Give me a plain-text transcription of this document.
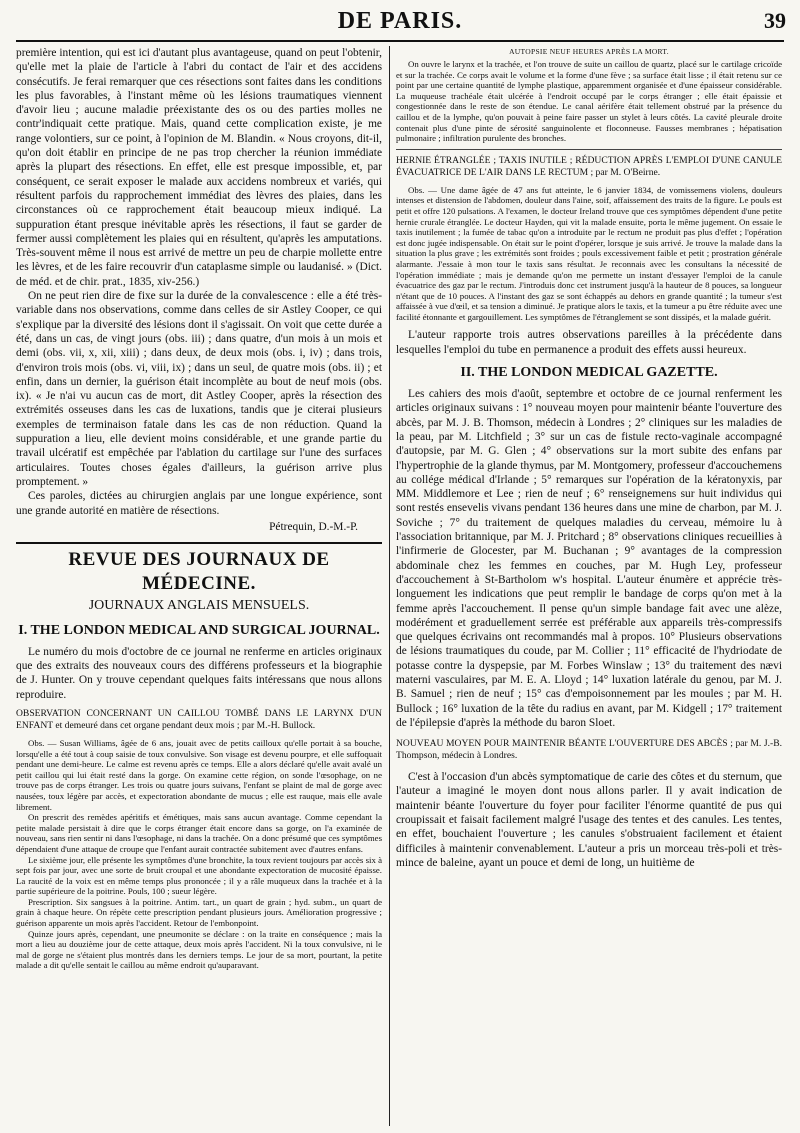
DE PARIS.	39

première intention, qui est ici d'autant plus avantageuse, quand on peut l'obtenir, qu'elle met la plaie de l'article à l'abri du contact de l'air et des accidens consécutifs. Je ferai remarquer que ces résections sont faites dans les conditions les plus favorables, à l'instant même où les lésions traumatiques viennent d'avoir lieu ; aucune maladie préexistante des os ou des parties molles ne contr'indiquait cette pratique. Mais, quand cette complication existe, je me range volontiers, sur ce point, à l'opinion de M. Blandin. « Nous croyons, dit-il, qu'on doit établir en principe de ne pas trop chercher la réunion immédiate après la plupart des résections. En effet, elle est presque impossible, et, par conséquent, ce serait exposer le malade aux accidens nombreux et variés, qui résultent parfois du rapprochement immédiat des lèvres des plaies, dans les circonstances où ce rapprochement était beaucoup mieux indiqué. La suppuration étant presque inévitable après les résections, il faut se garder de fermer aussi complètement les plaies qui en résultent, qu'après les amputations. Très-souvent même il nous est arrivé de mettre un peu de charpie mollette entre les lèvres, et de les faire recouvrir d'un cataplasme simple ou laudanisé. » (Dict. de méd. et de chir. prat., 1835, xiv-256.)

On ne peut rien dire de fixe sur la durée de la convalescence : elle a été très-variable dans nos observations, comme dans celles de sir Astley Cooper, ce qui s'explique par la diversité des lésions dont il s'agissait. On voit que cette durée a été, dans un cas, de vingt jours (obs. iii) ; dans quatre, d'un mois à un mois et demi (obs. vii, x, xii, xiii) ; dans deux, de deux mois (obs. i, iv) ; dans trois, d'environ trois mois (obs. vi, viii, ix) ; dans un seul, de quatre mois (obs. ii) ; et enfin, dans un dernier, la guérison était incomplète au bout de neuf mois (obs. ix). « Je n'ai vu aucun cas de mort, dit Astley Cooper, après la résection des extrémités osseuses dans les cas de luxations, tandis que je citerai plusieurs exemples de terminaison fatale dans les cas de non réduction. Quand la suppuration a lieu, elle devient moins considérable, et une grande partie du travail ulcératif est empêchée par l'ablation du cartilage sur l'une des surfaces articulaires. Toutes choses égales d'ailleurs, la guérison arrive plus promptement. »

Ces paroles, dictées au chirurgien anglais par une longue expérience, sont une grande autorité en matière de résections.

Pétrequin, D.-M.-P.
REVUE DES JOURNAUX DE MÉDECINE.
JOURNAUX ANGLAIS MENSUELS.
I. THE LONDON MEDICAL AND SURGICAL JOURNAL.

Le numéro du mois d'octobre de ce journal ne renferme en articles originaux que des extraits des nouveaux cours des différens professeurs et la biographie de J. Hunter. On y trouve cependant quelques faits intéressans que nous allons reproduire.

OBSERVATION CONCERNANT UN CAILLOU TOMBÉ DANS LE LARYNX D'UN ENFANT et demeuré dans cet organe pendant deux mois ; par M.-H. Bullock.

Obs. — Susan Williams, âgée de 6 ans, jouait avec de petits cailloux qu'elle portait à sa bouche, lorsqu'elle a été tout à coup saisie de toux convulsive. Son visage est devenu pourpre, et elle suffoquait pendant une demi-heure. Le calme est revenu après ce temps. Elle a alors déclaré qu'elle avait avalé un petit caillou qui lui était resté dans la gorge. On examine cette région, on sonde l'œsophage, on ne trouve pas de corps étranger. Les trois ou quatre jours suivans, l'enfant se plaint de mal de gorge avec nausées, toux légère par accès, et expectoration abondante de mucus ; elle est rauque, mais elle avale librement.

On prescrit des remèdes apéritifs et émétiques, mais sans aucun avantage. Comme cependant la petite malade persistait à dire que le corps étranger était encore dans sa gorge, on l'a examinée de nouveau, sans rien sentir ni dans l'œsophage, ni dans la trachée. On a donc présumé que ces symptômes dépendaient d'une attaque de croupe que l'enfant aurait contractée subitement avec d'autres enfans.

Le sixième jour, elle présente les symptômes d'une bronchite, la toux revient toujours par accès six à sept fois par jour, avec une sorte de bruit croupal et une abondante expectoration de mucosité épaisse. La raucité de la voix est en même temps plus prononcée ; il y a râle muqueux dans la trachée et à la partie supérieure de la poitrine. Pouls, 100 ; sueur légère.

Prescription. Six sangsues à la poitrine. Antim. tart., un quart de grain ; hyd. subm., un quart de grain à chaque heure. On répète cette prescription pendant plusieurs jours. Amélioration progressive ; guérison apparente un mois après l'accident. Retour de l'embonpoint.

Quinze jours après, cependant, une pneumonite se déclare : on la traite en conséquence ; mais la mort a lieu au douzième jour de cette attaque, deux mois après l'accident. Ni la toux convulsive, ni le mal de gorge ne s'étaient plus montrés dans les derniers temps. Le jour de sa mort, pourtant, la petite malade a dit qu'elle sentait le caillou au même endroit qu'auparavant.

AUTOPSIE NEUF HEURES APRÈS LA MORT.

On ouvre le larynx et la trachée, et l'on trouve de suite un caillou de quartz, placé sur le cartilage cricoïde et sur la trachée. Ce corps avait le volume et la forme d'une fève ; sa surface était lisse ; il était retenu sur ce point par une certaine quantité de lymphe plastique, apparemment organisée et d'une épaisseur considérable. La muqueuse trachéale était ulcérée à l'endroit occupé par le corps étranger ; elle était épaissie et congestionnée dans le reste de son étendue. Le canal aérifère était tellement obstrué par la présence du caillou et de la lymphe, qu'on pouvait à peine faire passer un stylet à leurs côtés. La cavité pleurale droite contenait plus d'une pinte de sérosité sanguinolente et floconneuse. Fausses membranes ; hépatisation pulmonaire ; infiltration purulente des bronches.

HERNIE ÉTRANGLÉE ; TAXIS INUTILE ; RÉDUCTION APRÈS L'EMPLOI D'UNE CANULE ÉVACUATRICE DE L'AIR DANS LE RECTUM ; par M. O'Beirne.

Obs. — Une dame âgée de 47 ans fut atteinte, le 6 janvier 1834, de vomissemens violens, douleurs intenses et distension de l'abdomen, douleur dans l'aine, soif, affaissement des traits de la figure. Le pouls est petit et offre 120 pulsations. A l'examen, le docteur Ireland trouve que ces symptômes dépendent d'une petite hernie crurale étranglée. Le docteur Hayden, qui vit la malade ensuite, porta le même jugement. On essaie le taxis inutilement ; la fumée de tabac qu'on a introduite par le rectum ne produit pas plus d'effet ; l'opération est donc jugée indispensable. On était sur le point d'opérer, lorsque je suis arrivé. Je trouve la malade dans la situation la plus grave ; les extrémités sont froides ; pouls excessivement faible et petit ; prostration générale alarmante. J'essaie à mon tour le taxis sans résultat. Je reconnais avec les consultans la nécessité de l'opération immédiate ; mais je demande qu'on me permette un instant d'essayer l'emploi de la canule évacuatrice des gaz par le rectum. J'introduis donc cet instrument jusqu'à la hauteur de 8 pouces, sa longueur n'étant que de 10 pouces. A l'instant des gaz se sont échappés au dehors en grande quantité ; la tumeur s'est affaissée à vue d'œil, et sa tension a diminué. Je pratique alors le taxis, et la tumeur a pu être réduite avec une facilité étonnante et gargouillement. Les symptômes de l'étranglement se sont dissipés, et la malade guérit.

L'auteur rapporte trois autres observations pareilles à la précédente dans lesquelles l'emploi du tube en permanence a produit des effets aussi heureux.

II. THE LONDON MEDICAL GAZETTE.

Les cahiers des mois d'août, septembre et octobre de ce journal renferment les articles originaux suivans : 1° nouveau moyen pour maintenir béante l'ouverture des abcès, par M. J. B. Thomson, médecin à Londres ; 2° cliniques sur les maladies de la peau, par M. Litchfield ; 3° sur un cas de fistule recto-vaginale accompagné d'autopsie, par M. G. Glen ; 4° observations sur la mort subite des enfans par l'hypertrophie de la glande thymus, par M. Montgomery, professeur d'accouchemens au collége médical d'Irlande ; 5° remarques sur l'opération de la kératonyxis, par MM. Middlemore et Lee ; rien de neuf ; 6° renseignemens sur huit individus qui sont restés ensevelis vivans pendant 136 heures dans une mine de charbon, par M. J. Soviche ; 7° du traitement de quelques maladies du cerveau, mémoire lu à l'association britannique, par M. J. Pritchard ; 8° observations cliniques recueillies à l'infirmerie de Glocester, par M. Buchanan ; 9° avantages de la compression abdominale chez les femmes en couches, par M. Hugh Ley, professeur d'accouchement à St-Bartholom w's hospital. L'auteur énumère et apprécie très-longuement les indications que peut remplir le bandage de corps qu'on met à la femme après l'accouchement. Il pense qu'un simple bandage fait avec une alèze, modérément et graduellement serrée est préférable aux appareils très-compressifs que quelques écrivains ont recommandés mal à propos. 10° Plusieurs observations de lésions traumatiques du coude, par M. Collier ; 11° efficacité de l'hydriodate de potasse contre la dyspepsie, par M. Forbes Winslaw ; 13° du traitement des nævi materni vasculaires, par M. E. A. Lloyd ; 14° luxation latérale du genou, par M. J. B. Samuel ; rien de neuf ; 15° cas d'empoisonnement par les moules ; par M. H. Bullock ; 16° luxation de la tête du radius en avant, par M. Kidgell ; 17° traitement de l'épilepsie d'après la méthode du baron Sloet.

NOUVEAU MOYEN POUR MAINTENIR BÉANTE L'OUVERTURE DES ABCÈS ; par M. J.-B. Thompson, médecin à Londres.

C'est à l'occasion d'un abcès symptomatique de carie des côtes et du sternum, que l'auteur a imaginé le moyen dont nous allons parler. Il y avait indication de maintenir béante l'ouverture du foyer pour faciliter l'énorme quantité de pus qui croupissait et faisait facilement malgré l'usage des tentes et des canules. Les tentes, en effet, bouchaient l'ouverture ; les canules s'obstruaient facilement et étaient difficiles à maintenir convenablement. L'auteur a pris un morceau très-poli et très-mince de baleine, ayant un pouce et demi de long, un huitième de
